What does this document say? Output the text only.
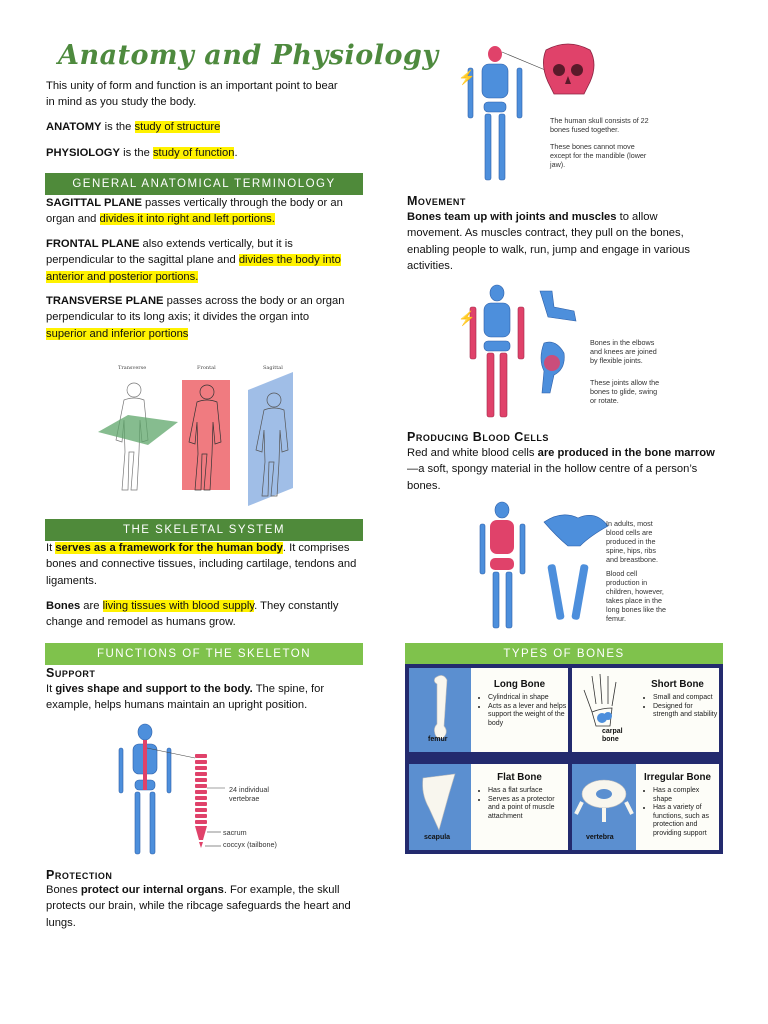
Anatomy and Physiology

This unity of form and function is an important point to bear in mind as you study the body.

ANATOMY is the study of structure

PHYSIOLOGY is the study of function.

GENERAL ANATOMICAL TERMINOLOGY

SAGITTAL PLANE passes vertically through the body or an organ and divides it into right and left portions.

FRONTAL PLANE also extends vertically, but it is perpendicular to the sagittal plane and divides the body into anterior and posterior portions.

TRANSVERSE PLANE passes across the body or an organ perpendicular to its long axis; it divides the organ into superior and inferior portions

Transverse	Frontal	Sagittal
THE SKELETAL SYSTEM

It serves as a framework for the human body. It comprises bones and connective tissues, including cartilage, tendons and ligaments.

Bones are living tissues with blood supply. They constantly change and remodel as humans grow.

FUNCTIONS OF THE SKELETON
Support

It gives shape and support to the body. The spine, for example, helps humans maintain an upright position.

24 individual vertebrae
sacrum
coccyx (tailbone)
Protection

Bones protect our internal organs. For example, the skull protects our brain, while the ribcage safeguards the heart and lungs.

⚡
The human skull consists of 22 bones fused together.
These bones cannot move except for the mandible (lower jaw).
Movement

Bones team up with joints and muscles to allow movement. As muscles contract, they pull on the bones, enabling people to walk, run, jump and engage in various activities.

⚡
Bones in the elbows and knees are joined by flexible joints.
These joints allow the bones to glide, swing or rotate.
Producing Blood Cells

Red and white blood cells are produced in the bone marrow—a soft, spongy material in the hollow centre of a person’s bones.

In adults, most blood cells are produced in the spine, hips, ribs and breastbone.
Blood cell production in children, however, takes place in the long bones like the femur.
TYPES OF BONES
femur
Long Bone
• Cylindrical in shape
• Acts as a lever and helps support the weight of the body
carpal bone
Short Bone
• Small and compact
• Designed for strength and stability
scapula
Flat Bone
• Has a flat surface
• Serves as a protector and a point of muscle attachment
vertebra
Irregular Bone
• Has a complex shape
• Has a variety of functions, such as protection and providing support
